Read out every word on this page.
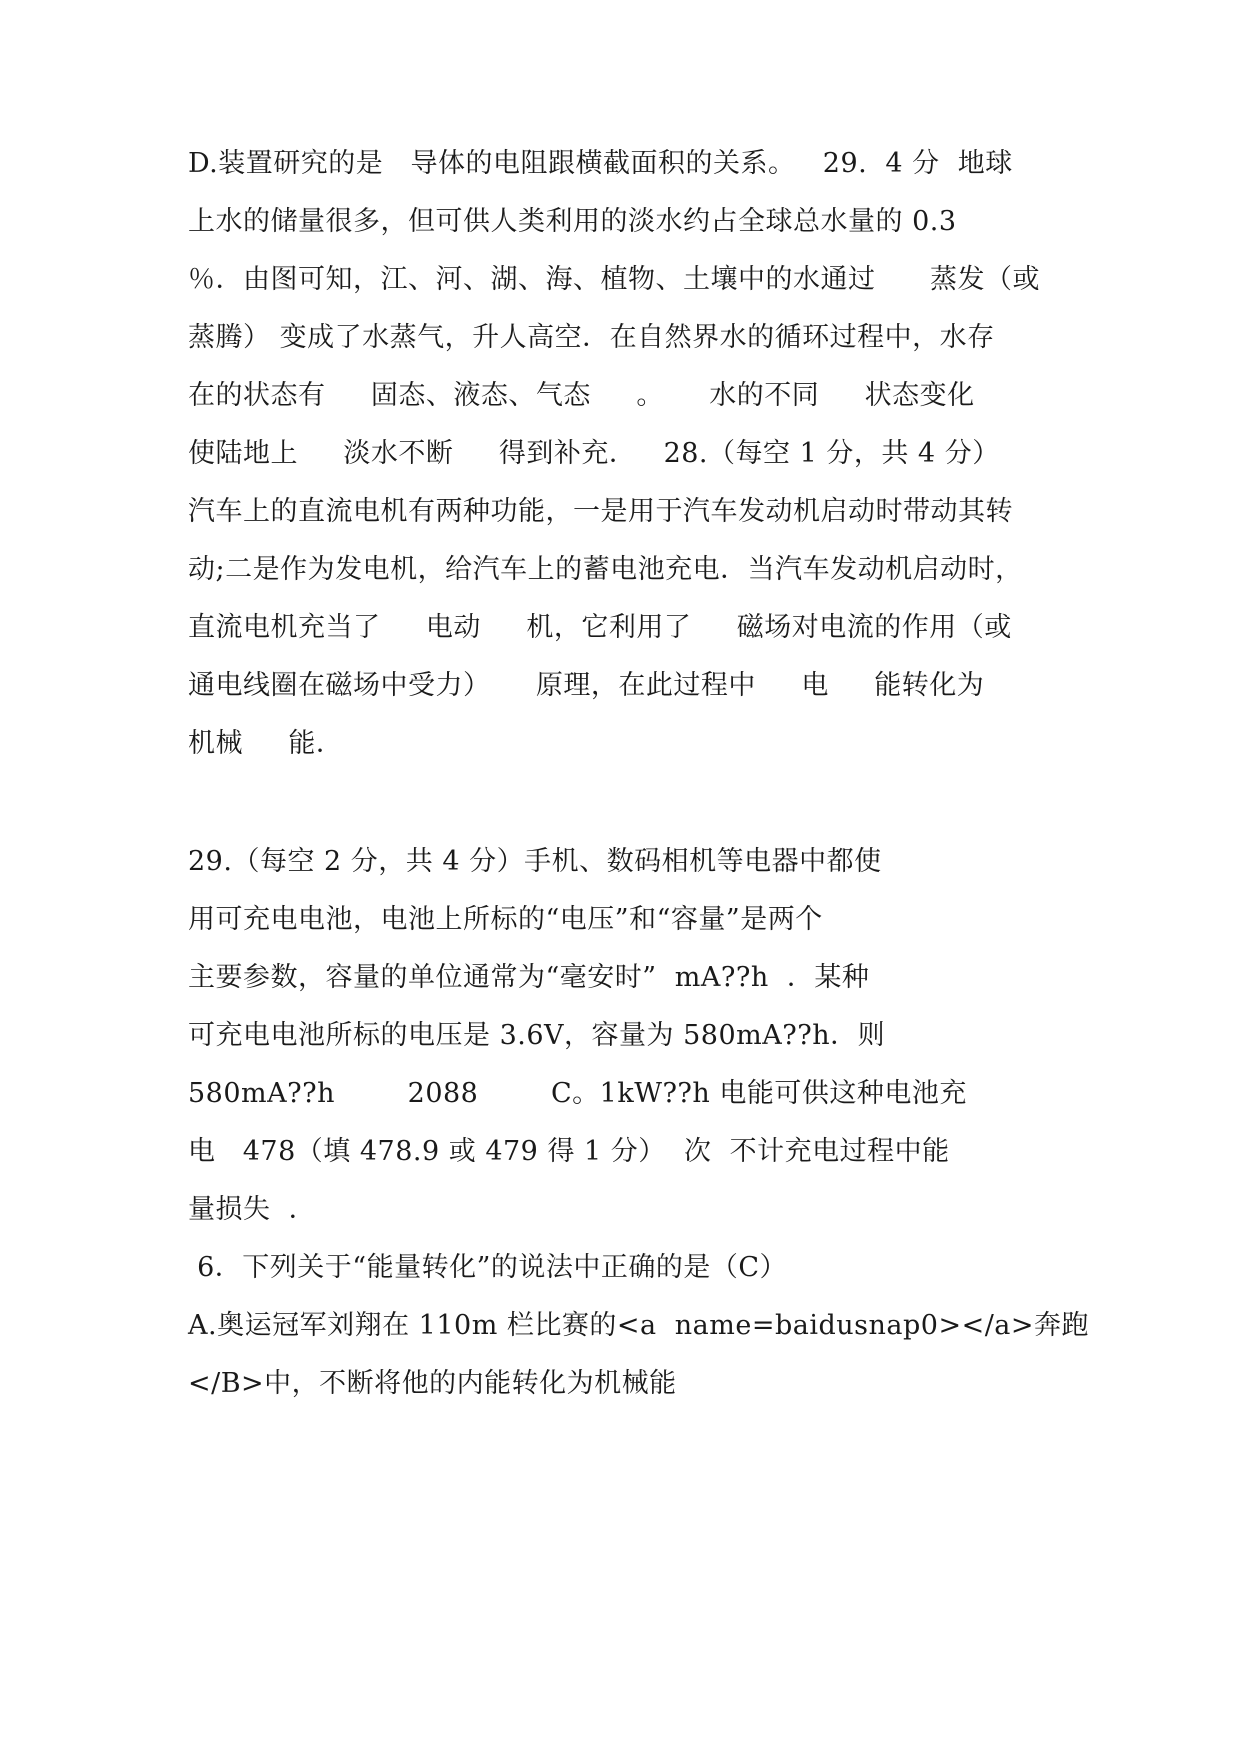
D.装置研究的是   导体的电阻跟横截面积的关系。   29.  4 分  地球
上水的储量很多，但可供人类利用的淡水约占全球总水量的 0.3
％．由图可知，江、河、湖、海、植物、土壤中的水通过      蒸发（或
蒸腾） 变成了水蒸气，升人高空．在自然界水的循环过程中，水存
在的状态有     固态、液态、气态     。     水的不同     状态变化
使陆地上     淡水不断     得到补充．   28.（每空 1 分，共 4 分）
汽车上的直流电机有两种功能，一是用于汽车发动机启动时带动其转
动;二是作为发电机，给汽车上的蓄电池充电．当汽车发动机启动时，
直流电机充当了     电动     机，它利用了     磁场对电流的作用（或
通电线圈在磁场中受力）     原理，在此过程中     电     能转化为
机械     能．
29.（每空 2 分，共 4 分）手机、数码相机等电器中都使
用可充电电池，电池上所标的“电压”和“容量”是两个
主要参数，容量的单位通常为“毫安时”  mA??h  ．某种
可充电电池所标的电压是 3.6V，容量为 580mA??h．则
580mA??h        2088        C。1kW??h 电能可供这种电池充
电   478（填 478.9 或 479 得 1 分）  次  不计充电过程中能
量损失  ．
6．下列关于“能量转化”的说法中正确的是（C）
A.奥运冠军刘翔在 110m 栏比赛的<a  name=baidusnap0></a>奔跑
</B>中，不断将他的内能转化为机械能
